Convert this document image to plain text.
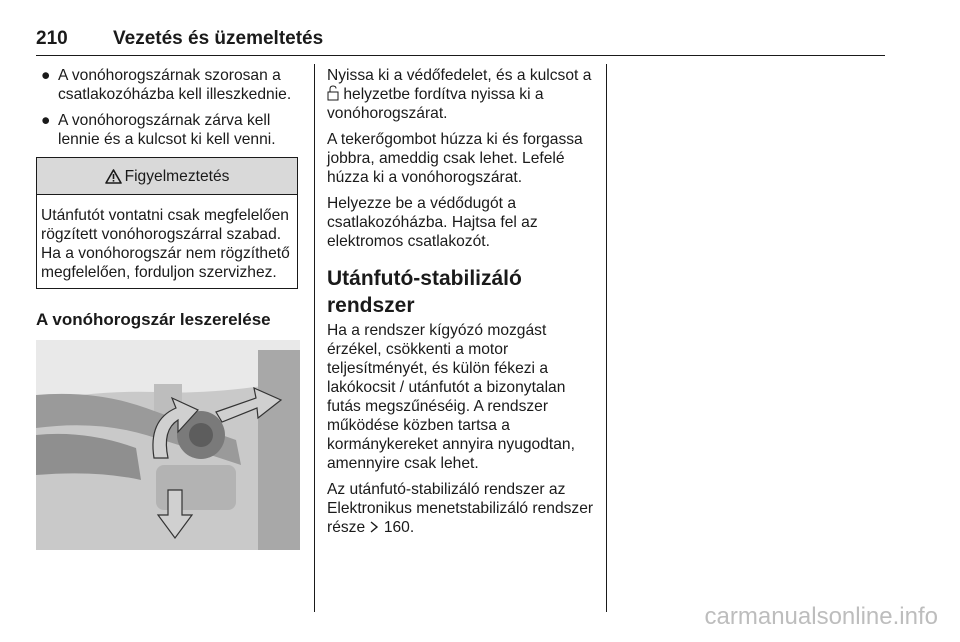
210 Vezetés és üzemeltetés
● A vonóhorogszárnak szorosan a csatlakozóházba kell illeszkednie.
● A vonóhorogszárnak zárva kell lennie és a kulcsot ki kell venni.
Figyelmeztetés
Utánfutót vontatni csak megfelelően rögzített vonóhorogszárral szabad. Ha a vonóhorogszár nem rögzíthető megfelelően, forduljon szervizhez.
A vonóhorogszár leszerelése
Nyissa ki a védőfedelet, és a kulcsot a  helyzetbe fordítva nyissa ki a vonóhorogszárat.
A tekerőgombot húzza ki és forgassa jobbra, ameddig csak lehet. Lefelé húzza ki a vonóhorogszárat.
Helyezze be a védődugót a csatlakozóházba. Hajtsa fel az elektromos csatlakozót.
Utánfutó-stabilizáló rendszer
Ha a rendszer kígyózó mozgást érzékel, csökkenti a motor teljesítményét, és külön fékezi a lakókocsit / utánfutót a bizonytalan futás megszűnéséig. A rendszer működése közben tartsa a kormánykereket annyira nyugodtan, amennyire csak lehet.
Az utánfutó-stabilizáló rendszer az Elektronikus menetstabilizáló rendszer része 160.
carmanualsonline.info
